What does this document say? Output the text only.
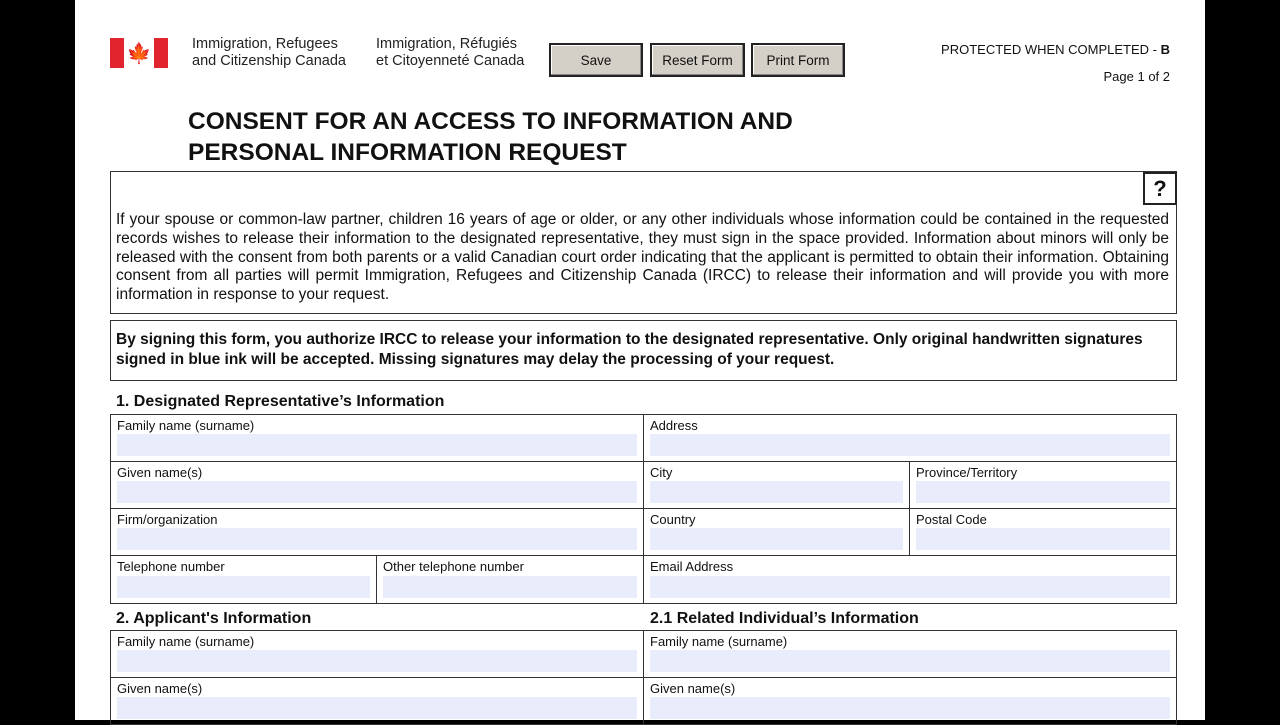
🍁	Immigration, Refugees
and Citizenship Canada
Immigration, Réfugiés
et Citoyenneté Canada	Save	Reset Form	Print Form
PROTECTED WHEN COMPLETED - B
Page 1 of 2
CONSENT FOR AN ACCESS TO INFORMATION AND
PERSONAL INFORMATION REQUEST
?
If your spouse or common-law partner, children 16 years of age or older, or any other individuals whose information could be contained in the requested records wishes to release their information to the designated representative, they must sign in the space provided. Information about minors will only be released with the consent from both parents or a valid Canadian court order indicating that the applicant is permitted to obtain their information. Obtaining consent from all parties will permit Immigration, Refugees and Citizenship Canada (IRCC) to release their information and will provide you with more information in response to your request.
By signing this form, you authorize IRCC to release your information to the designated representative. Only original handwritten signatures signed in blue ink will be accepted. Missing signatures may delay the processing of your request.
1. Designated Representative’s Information
Family name (surname)	Address
Given name(s)	City	Province/Territory
Firm/organization	Country	Postal Code
Telephone number	Other telephone number	Email Address
2. Applicant's Information	2.1 Related Individual’s Information
Family name (surname)	Family name (surname)
Given name(s)	Given name(s)
